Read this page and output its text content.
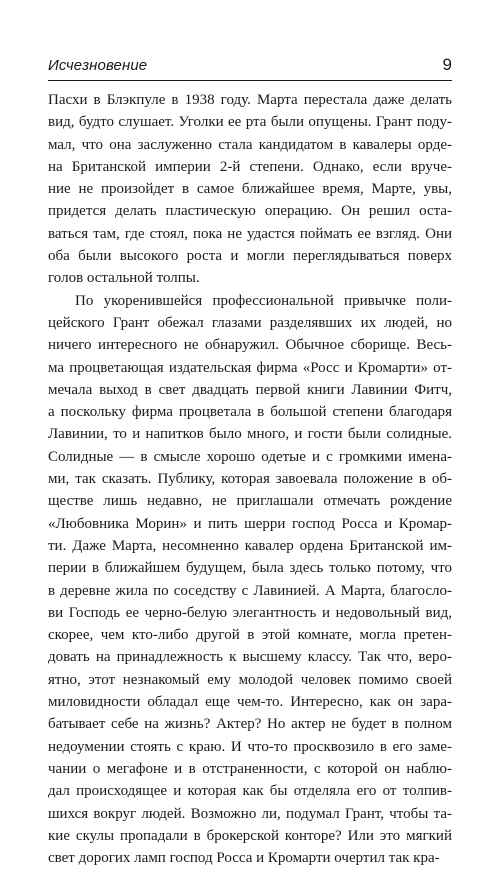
Исчезновение	9
Пасхи в Блэкпуле в 1938 году. Марта перестала даже делать
вид, будто слушает. Уголки ее рта были опущены. Грант поду-
мал, что она заслуженно стала кандидатом в кавалеры орде-
на Британской империи 2-й степени. Однако, если вруче-
ние не произойдет в самое ближайшее время, Марте, увы,
придется делать пластическую операцию. Он решил оста-
ваться там, где стоял, пока не удастся поймать ее взгляд. Они
оба были высокого роста и могли переглядываться поверх
голов остальной толпы.
По укоренившейся профессиональной привычке поли-
цейского Грант обежал глазами разделявших их людей, но
ничего интересного не обнаружил. Обычное сборище. Весь-
ма процветающая издательская фирма «Росс и Кромарти» от-
мечала выход в свет двадцать первой книги Лавинии Фитч,
а поскольку фирма процветала в большой степени благодаря
Лавинии, то и напитков было много, и гости были солидные.
Солидные — в смысле хорошо одетые и с громкими имена-
ми, так сказать. Публику, которая завоевала положение в об-
ществе лишь недавно, не приглашали отмечать рождение
«Любовника Морин» и пить шерри господ Росса и Кромар-
ти. Даже Марта, несомненно кавалер ордена Британской им-
перии в ближайшем будущем, была здесь только потому, что
в деревне жила по соседству с Лавинией. А Марта, благосло-
ви Господь ее черно-белую элегантность и недовольный вид,
скорее, чем кто-либо другой в этой комнате, могла претен-
довать на принадлежность к высшему классу. Так что, веро-
ятно, этот незнакомый ему молодой человек помимо своей
миловидности обладал еще чем-то. Интересно, как он зара-
батывает себе на жизнь? Актер? Но актер не будет в полном
недоумении стоять с краю. И что-то просквозило в его заме-
чании о мегафоне и в отстраненности, с которой он наблю-
дал происходящее и которая как бы отделяла его от толпив-
шихся вокруг людей. Возможно ли, подумал Грант, чтобы та-
кие скулы пропадали в брокерской конторе? Или это мягкий
свет дорогих ламп господ Росса и Кромарти очертил так кра-
